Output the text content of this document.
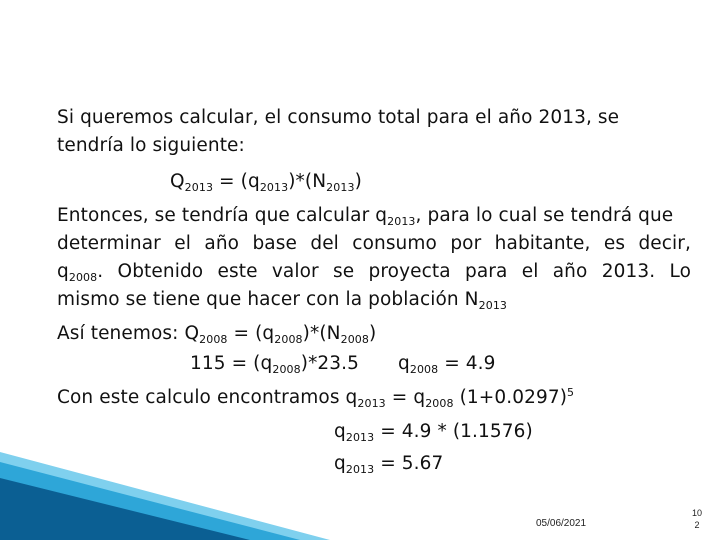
Si queremos calcular, el consumo total para el año 2013, se
tendría lo siguiente:
$Q_{2013} = (q_{2013})*(N_{2013})$
Entonces, se tendría que calcular $q_{2013}$, para lo cual se tendrá que
determinar el año base del consumo por habitante, es decir,
$q_{2008}$. Obtenido este valor se proyecta para el año 2013. Lo
mismo se tiene que hacer con la población $N_{2013}$
Así tenemos: $Q_{2008} = (q_{2008})*(N_{2008})$
$115 = (q_{2008})*23.5$ $q_{2008} = 4.9$
Con este calculo encontramos $q_{2013} = q_{2008}$ $(1+0.0297)^5$
$q_{2013} = 4.9 * (1.1576)$
$q_{2013} = 5.67$
05/06/2021
10
2
